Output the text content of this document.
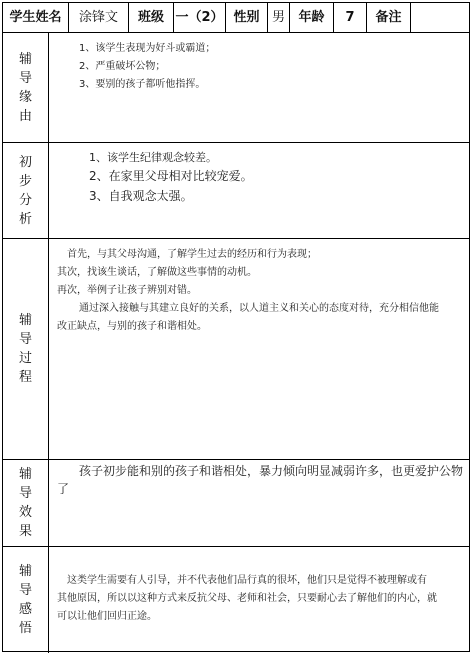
学生姓名	涂锋文	班级 一（2） 性别 男	年龄	7	备注
辅导缘由
1、该学生表现为好斗或霸道；
2、严重破坏公物；
3、要别的孩子都听他指挥。
初步分析
1、该学生纪律观念较差。
2、在家里父母相对比较宠爱。
3、自我观念太强。
辅导过程
首先，与其父母沟通，了解学生过去的经历和行为表现；
其次，找该生谈话，了解做这些事情的动机。
再次，举例子让孩子辨别对错。
通过深入接触与其建立良好的关系，以人道主义和关心的态度对待，充分相信他能
改正缺点，与别的孩子和谐相处。
辅导效果
孩子初步能和别的孩子和谐相处，暴力倾向明显减弱许多，也更爱护公物
了
辅导感悟
这类学生需要有人引导，并不代表他们品行真的很坏，他们只是觉得不被理解或有
其他原因，所以以这种方式来反抗父母、老师和社会，只要耐心去了解他们的内心，就
可以让他们回归正途。
